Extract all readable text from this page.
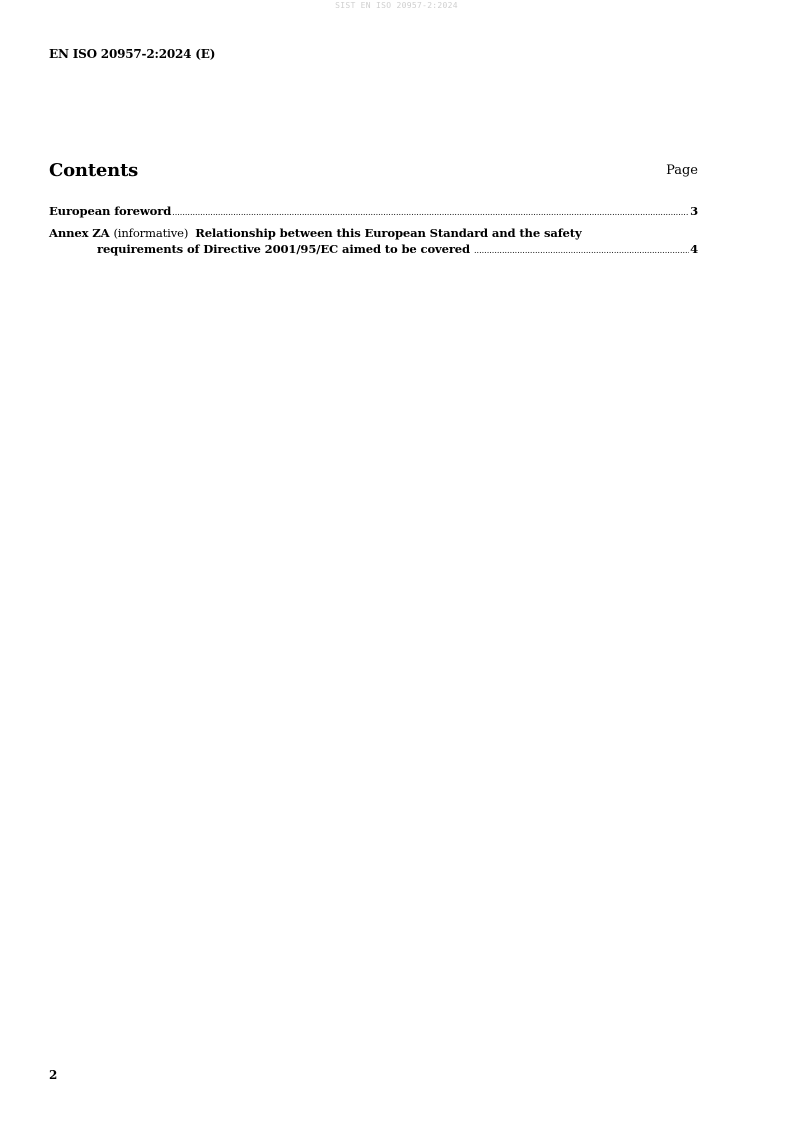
SIST EN ISO 20957-2:2024
EN ISO 20957-2:2024 (E)
Contents	Page
European foreword .....	3
Annex ZA (informative) Relationship between this European Standard and the safety
requirements of Directive 2001/95/EC aimed to be covered .....	4
2
